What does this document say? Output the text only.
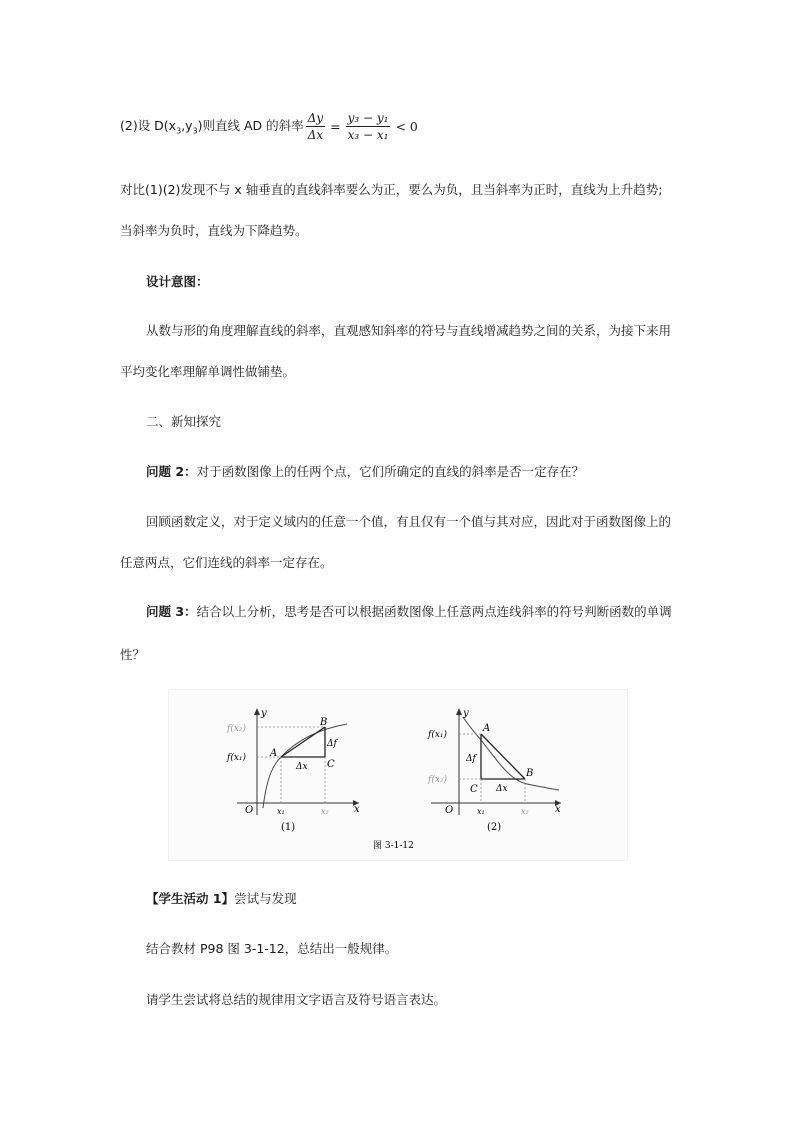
(2)设 $D(x_3,y_3)$则直线 AD 的斜率 $\frac{\Delta y}{\Delta x} = \frac{\text{y₃ − y₁}}{\text{x₃ − x₁}} < 0$
对比(1)(2)发现不与 x 轴垂直的直线斜率要么为正，要么为负，且当斜率为正时，直线为上升趋势;
当斜率为负时，直线为下降趋势。
设计意图：
从数与形的角度理解直线的斜率，直观感知斜率的符号与直线增减趋势之间的关系，为接下来用
平均变化率理解单调性做铺垫。
二、新知探究
问题 2：对于函数图像上的任两个点，它们所确定的直线的斜率是否一定存在？
回顾函数定义，对于定义域内的任意一个值，有且仅有一个值与其对应，因此对于函数图像上的
任意两点，它们连线的斜率一定存在。
问题 3：结合以上分析，思考是否可以根据函数图像上任意两点连线斜率的符号判断函数的单调
性？
y
x
O
f(x₂)
f(x₁) A
B
C
Δf
Δx
x₁	x₂
(1)
y
x
O
f(x₁)
f(x₂)
A
B
C
Δf
Δx
x₁	x₂
(2)
图 3-1-12
【学生活动 1】尝试与发现
结合教材 P98 图 3-1-12，总结出一般规律。
请学生尝试将总结的规律用文字语言及符号语言表达。
